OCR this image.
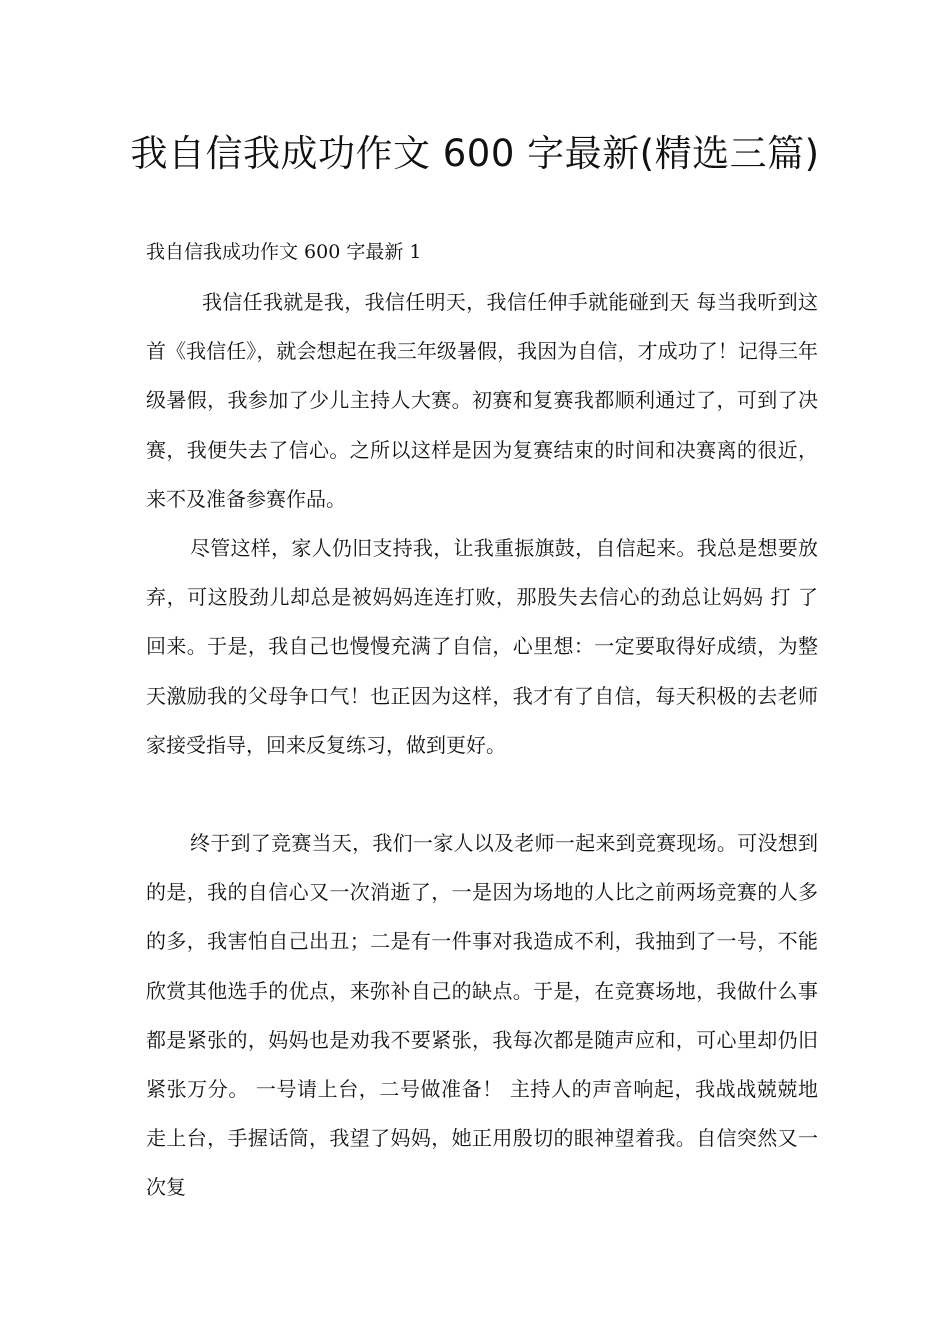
我自信我成功作文 600 字最新(精选三篇)

我自信我成功作文 600 字最新 1

我信任我就是我，我信任明天，我信任伸手就能碰到天 每当我听到这首《我信任》，就会想起在我三年级暑假，我因为自信，才成功了！记得三年级暑假，我参加了少儿主持人大赛。初赛和复赛我都顺利通过了，可到了决赛，我便失去了信心。之所以这样是因为复赛结束的时间和决赛离的很近，来不及准备参赛作品。

尽管这样，家人仍旧支持我，让我重振旗鼓，自信起来。我总是想要放弃，可这股劲儿却总是被妈妈连连打败，那股失去信心的劲总让妈妈 打 了回来。于是，我自己也慢慢充满了自信，心里想：一定要取得好成绩，为整天激励我的父母争口气！也正因为这样，我才有了自信，每天积极的去老师家接受指导，回来反复练习，做到更好。

终于到了竞赛当天，我们一家人以及老师一起来到竞赛现场。可没想到的是，我的自信心又一次消逝了，一是因为场地的人比之前两场竞赛的人多的多，我害怕自己出丑；二是有一件事对我造成不利，我抽到了一号，不能欣赏其他选手的优点，来弥补自己的缺点。于是，在竞赛场地，我做什么事都是紧张的，妈妈也是劝我不要紧张，我每次都是随声应和，可心里却仍旧紧张万分。 一号请上台，二号做准备！ 主持人的声音响起，我战战兢兢地走上台，手握话筒，我望了妈妈，她正用殷切的眼神望着我。自信突然又一次复
